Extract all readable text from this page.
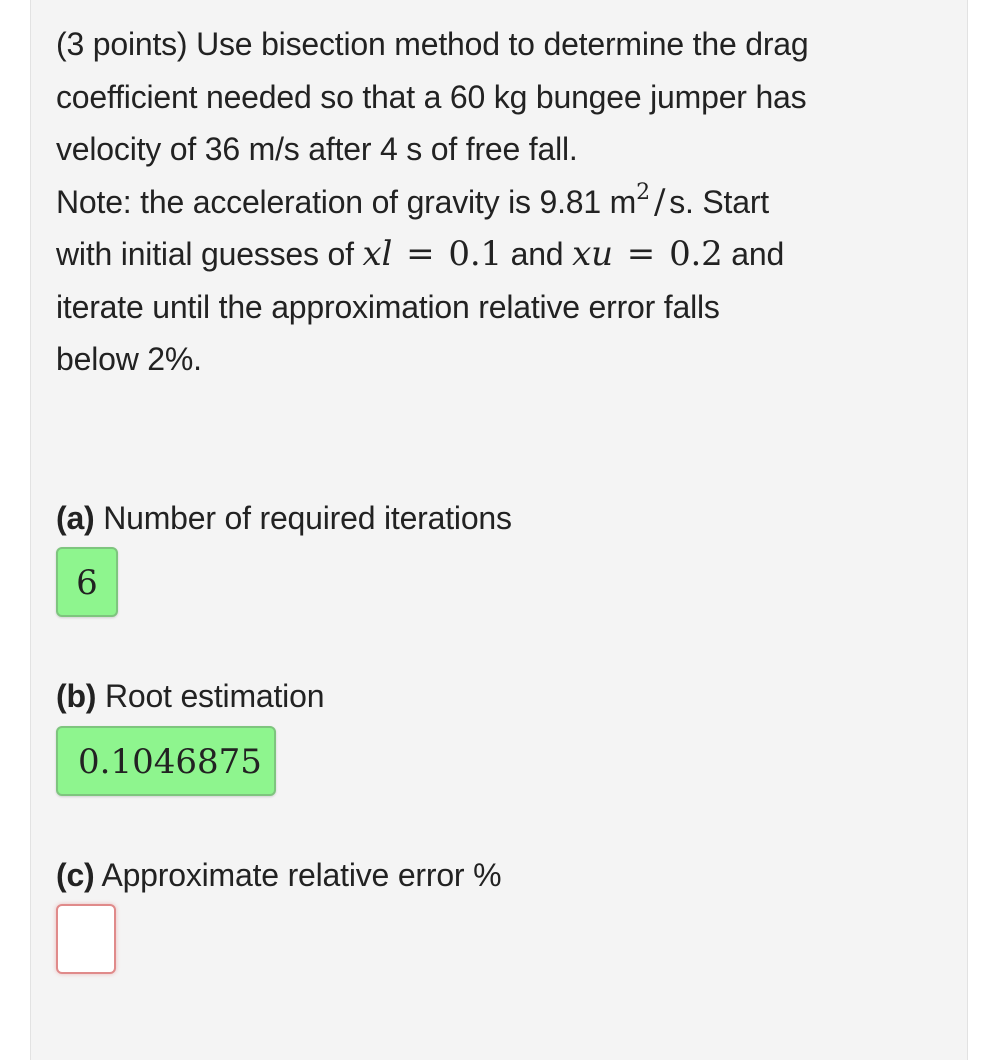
(3 points) Use bisection method to determine the drag
coefficient needed so that a 60 kg bungee jumper has
velocity of 36 m/s after 4 s of free fall.
Note: the acceleration of gravity is 9.81 $m^2$ / s. Start
with initial guesses of xl = 0.1 and xu = 0.2 and
iterate until the approximation relative error falls
below 2%.
(a) Number of required iterations
6
(b) Root estimation
0.1046875
(c) Approximate relative error %
